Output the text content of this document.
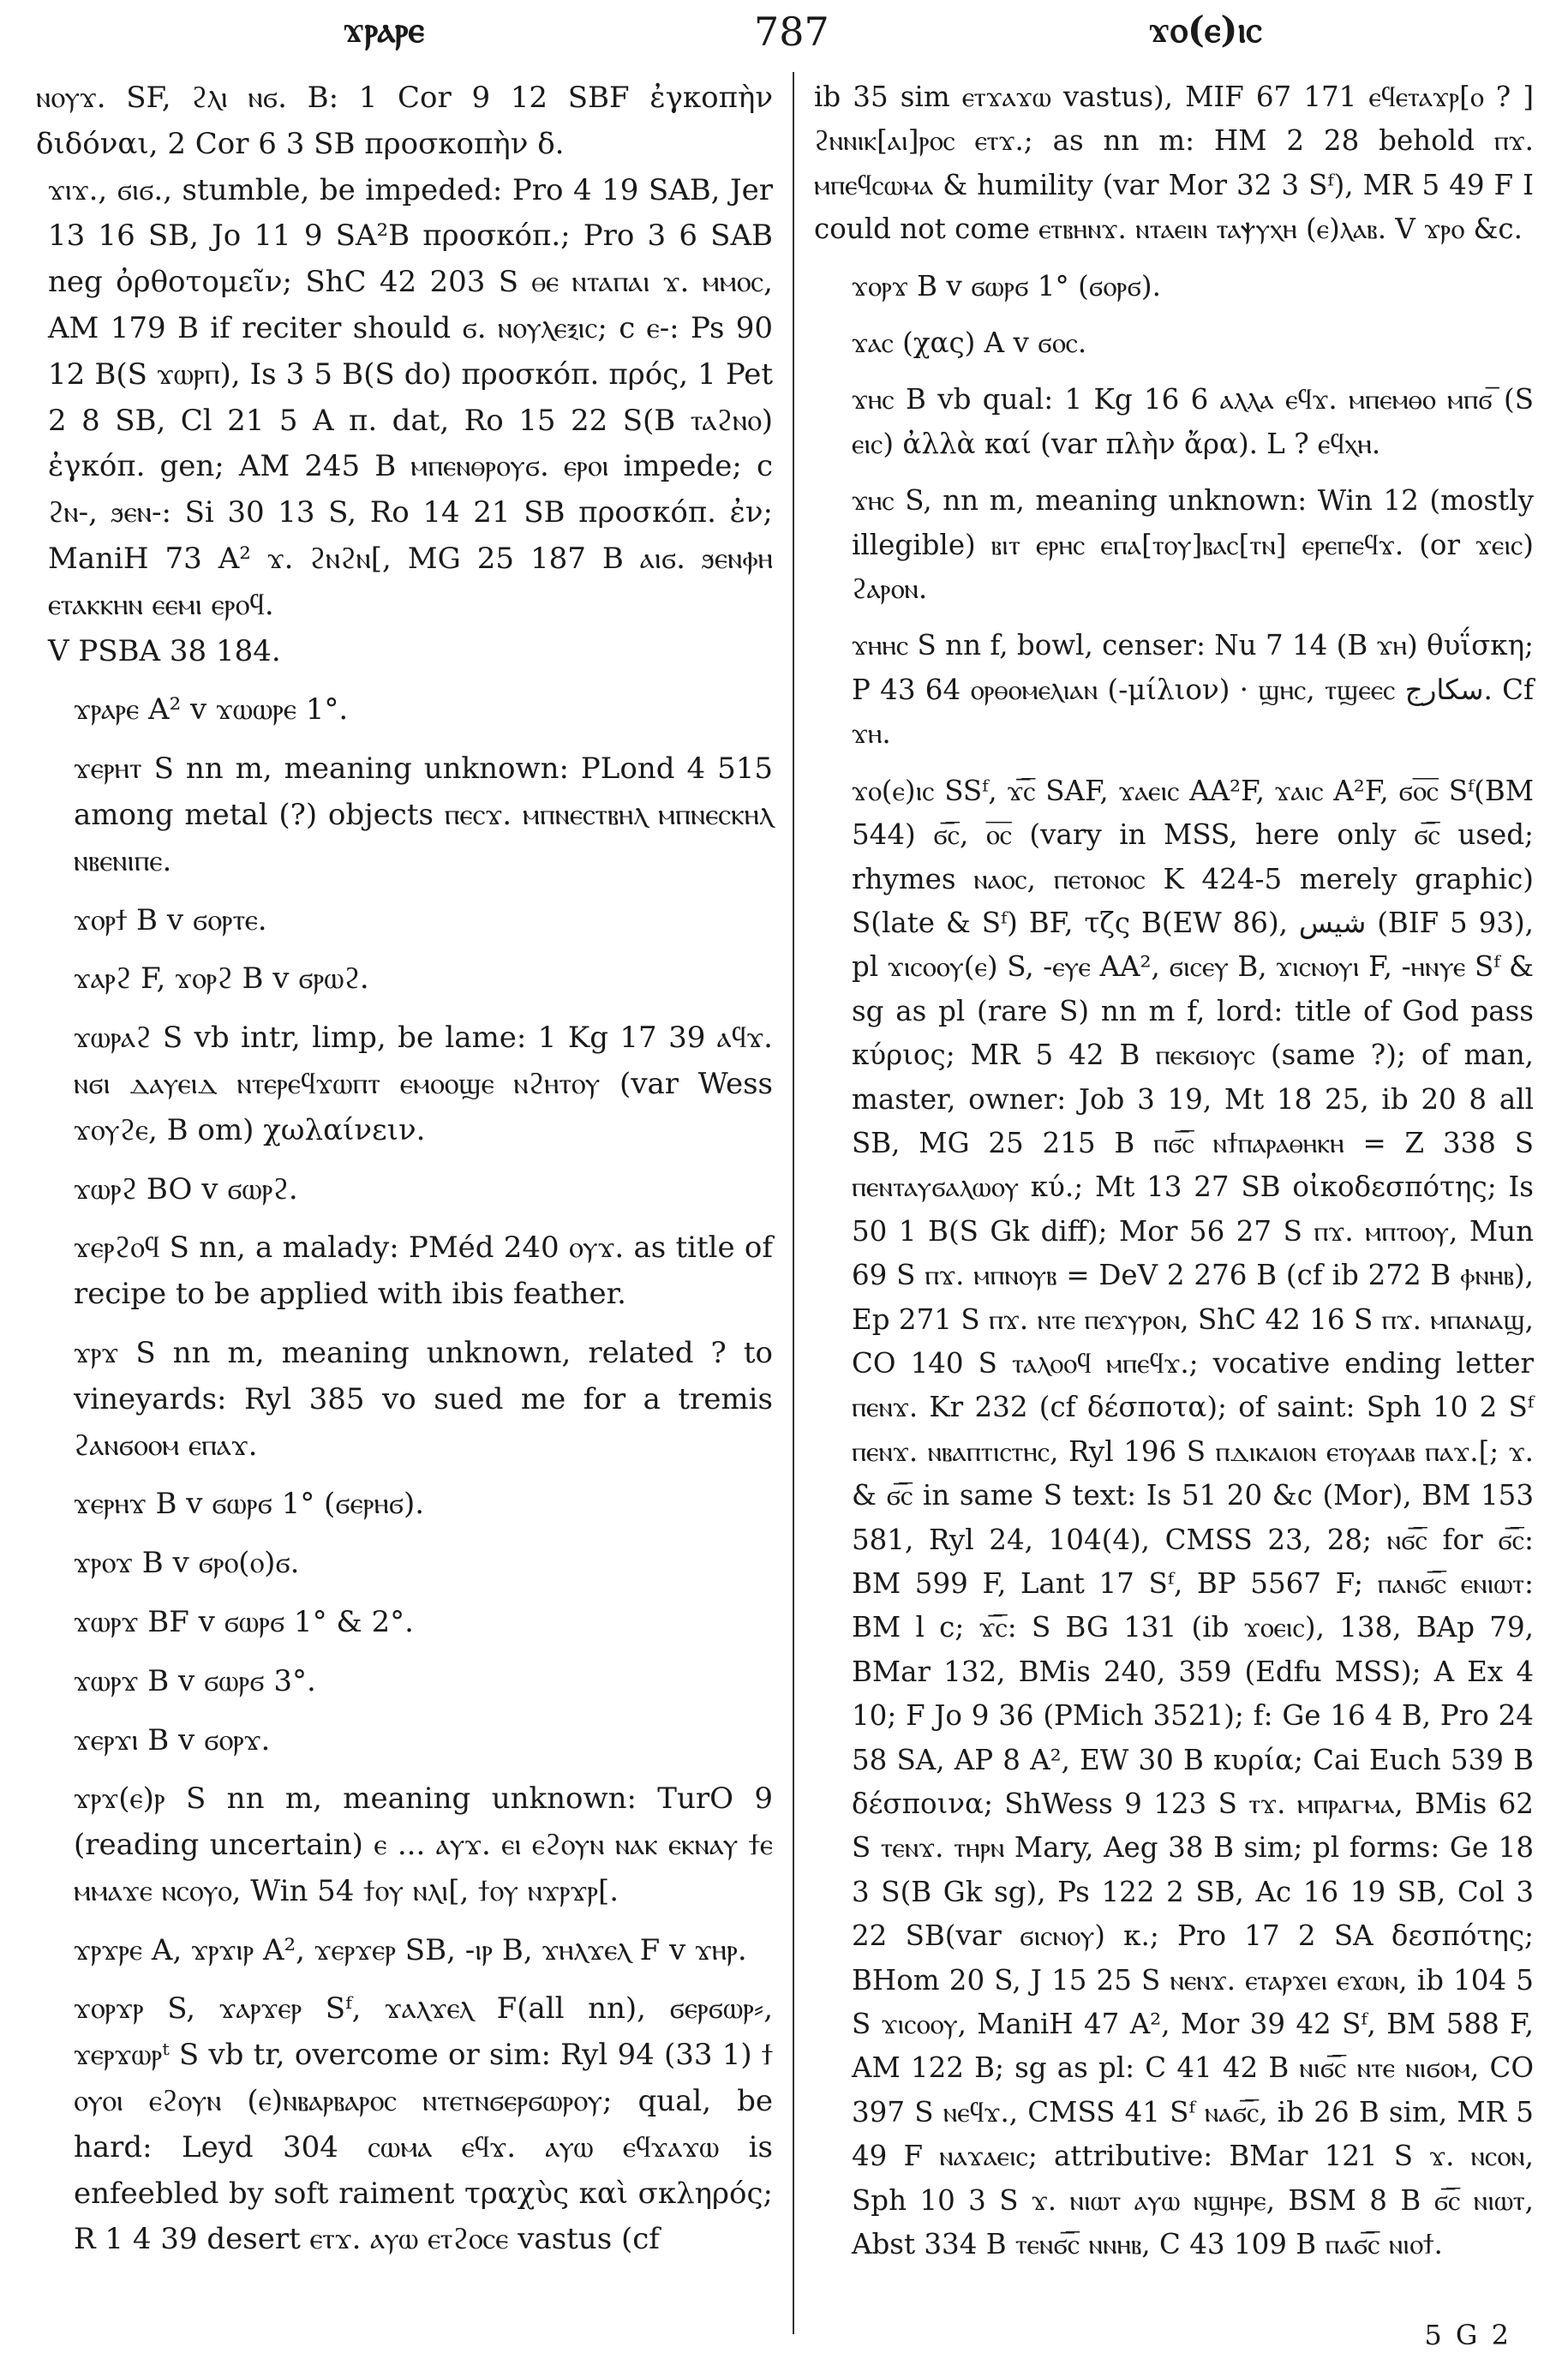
ϫⲣⲁⲣⲉ	787	ϫⲟ(ⲉ)ⲓⲥ

ⲛⲟⲩϫ. SF, ϩⲗⲓ ⲛϭ. B: 1 Cor 9 12 SBF ἐγκοπὴν διδόναι, 2 Cor 6 3 SB προσκοπὴν δ.

ϫⲓϫ., ϭⲓϭ., stumble, be impeded: Pro 4 19 SAB, Jer 13 16 SB, Jo 11 9 SA²B προσκόπ.; Pro 3 6 SAB neg ὀρθοτομεῖν; ShC 42 203 S ⲑⲉ ⲛⲧⲁⲡⲁⲓ ϫ. ⲙⲙⲟⲥ, AM 179 B if reciter should ϭ. ⲛⲟⲩⲗⲉⲝⲓⲥ; c ⲉ-: Ps 90 12 B(S ϫⲱⲣⲡ), Is 3 5 B(S do) προσκόπ. πρός, 1 Pet 2 8 SB, Cl 21 5 A π. dat, Ro 15 22 S(B ⲧⲁϩⲛⲟ) ἐγκόπ. gen; AM 245 B ⲙⲡⲉⲛⲑⲣⲟⲩϭ. ⲉⲣⲟⲓ impede; c ϩⲛ-, ϧⲉⲛ-: Si 30 13 S, Ro 14 21 SB προσκόπ. ἐν; ManiH 73 A² ϫ. ϩⲛϩⲛ[, MG 25 187 B ⲁⲓϭ. ϧⲉⲛⲫⲏ ⲉⲧⲁⲕⲕⲏⲛ ⲉⲉⲙⲓ ⲉⲣⲟϥ.

V PSBA 38 184.

ϫⲣⲁⲣⲉ A² v ϫⲱⲱⲣⲉ 1°.

ϫⲉⲣⲏⲧ S nn m, meaning unknown: PLond 4 515 among metal (?) objects ⲡⲉⲥϫ. ⲙⲡⲛⲉⲥⲧⲃⲏⲗ ⲙⲡⲛⲉⲥⲕⲏⲗ ⲛⲃⲉⲛⲓⲡⲉ.

ϫⲟⲣϯ B v ϭⲟⲣⲧⲉ.

ϫⲁⲣϩ F, ϫⲟⲣϩ B v ϭⲣⲱϩ.

ϫⲱⲣⲁϩ S vb intr, limp, be lame: 1 Kg 17 39 ⲁϥϫ. ⲛϭⲓ ⲇⲁⲩⲉⲓⲇ ⲛⲧⲉⲣⲉϥϫⲱⲡⲧ ⲉⲙⲟⲟϣⲉ ⲛϩⲏⲧⲟⲩ (var Wess ϫⲟⲩϩⲉ, B om) χωλαίνειν.

ϫⲱⲣϩ BO v ϭⲱⲣϩ.

ϫⲉⲣϩⲟϥ S nn, a malady: PMéd 240 ⲟⲩϫ. as title of recipe to be applied with ibis feather.

ϫⲣϫ S nn m, meaning unknown, related ? to vineyards: Ryl 385 vo sued me for a tremis ϩⲁⲛϭⲟⲟⲙ ⲉⲡⲁϫ.

ϫⲉⲣⲏϫ B v ϭⲱⲣϭ 1° (ϭⲉⲣⲏϭ).

ϫⲣⲟϫ B v ϭⲣⲟ(ⲟ)ϭ.

ϫⲱⲣϫ BF v ϭⲱⲣϭ 1° & 2°.

ϫⲱⲣϫ B v ϭⲱⲣϭ 3°.

ϫⲉⲣϫⲓ B v ϭⲟⲣϫ.

ϫⲣϫ(ⲉ)ⲣ S nn m, meaning unknown: TurO 9 (reading uncertain) ⲉ ... ⲁⲩϫ. ⲉⲓ ⲉϩⲟⲩⲛ ⲛⲁⲕ ⲉⲕⲛⲁⲩ ϯⲉ ⲙⲙⲁϫⲉ ⲛⲥⲟⲩⲟ, Win 54 ϯⲟⲩ ⲛⲗⲓ[, ϯⲟⲩ ⲛϫⲣϫⲣ[.

ϫⲣϫⲣⲉ A, ϫⲣϫⲓⲣ A², ϫⲉⲣϫⲉⲣ SB, -ⲓⲣ B, ϫⲏⲗϫⲉⲗ F v ϫⲏⲣ.

ϫⲟⲣϫⲣ S, ϫⲁⲣϫⲉⲣ Sᶠ, ϫⲁⲗϫⲉⲗ F(all nn), ϭⲉⲣϭⲱⲣ⸗, ϫⲉⲣϫⲱⲣᵗ S vb tr, overcome or sim: Ryl 94 (33 1) ϯ ⲟⲩⲟⲓ ⲉϩⲟⲩⲛ (ⲉ)ⲛⲃⲁⲣⲃⲁⲣⲟⲥ ⲛⲧⲉⲧⲛϭⲉⲣϭⲱⲣⲟⲩ; qual, be hard: Leyd 304 ⲥⲱⲙⲁ ⲉϥϫ. ⲁⲩⲱ ⲉϥϫⲁϫⲱ is enfeebled by soft raiment τραχὺς καὶ σκληρός; R 1 4 39 desert ⲉⲧϫ. ⲁⲩⲱ ⲉⲧϩⲟⲥⲉ vastus (cf

ib 35 sim ⲉⲧϫⲁϫⲱ vastus), MIF 67 171 ⲉϥⲉⲧⲁϫⲣ[ⲟ ? ] ϩⲛⲛⲓⲕ[ⲁⲓ]ⲣⲟⲥ ⲉⲧϫ.; as nn m: HM 2 28 behold ⲡϫ. ⲙⲡⲉϥⲥⲱⲙⲁ & humility (var Mor 32 3 Sᶠ), MR 5 49 F I could not come ⲉⲧⲃⲏⲛϫ. ⲛⲧⲁⲉⲓⲛ ⲧⲁⲯⲩⲭⲏ (ⲉ)ⲗⲁⲃ. V ϫⲣⲟ &c.

ϫⲟⲣϫ B v ϭⲱⲣϭ 1° (ϭⲟⲣϭ).

ϫⲁⲥ (χας) A v ϭⲟⲥ.

ϫⲏⲥ B vb qual: 1 Kg 16 6 ⲁⲗⲗⲁ ⲉϥϫ. ⲙⲡⲉⲙⲑⲟ ⲙⲡϭ̅ (S ⲉⲓⲥ) ἀλλὰ καί (var πλὴν ἄρα). L ? ⲉϥⲭⲏ.

ϫⲏⲥ S, nn m, meaning unknown: Win 12 (mostly illegible) ⲃⲓⲧ ⲉⲣⲏⲥ ⲉⲡⲁ[ⲧⲟⲩ]ⲃⲁⲥ[ⲧⲛ] ⲉⲣⲉⲡⲉϥϫ. (or ϫⲉⲓⲥ) ϩⲁⲣⲟⲛ.

ϫⲏⲏⲥ S nn f, bowl, censer: Nu 7 14 (B ϫⲏ) θυΐσκη; P 43 64 ⲟⲣⲑⲟⲙⲉⲗⲓⲁⲛ (-μίλιον) · ϣⲏⲥ, ⲧϣⲉⲉⲥ سكارج. Cf ϫⲏ.

ϫⲟ(ⲉ)ⲓⲥ SSᶠ, ϫ̅ⲥ̅ SAF, ϫⲁⲉⲓⲥ AA²F, ϫⲁⲓⲥ A²F, ϭⲟ̅ⲥ̅ Sᶠ(BM 544) ϭ̅ⲥ̅, ⲟ̅ⲥ̅ (vary in MSS, here only ϭ̅ⲥ̅ used; rhymes ⲛⲁⲟⲥ, ⲡⲉⲧⲟⲛⲟⲥ K 424-5 merely graphic) S(late & Sᶠ) BF, τζς B(EW 86), شيس (BIF 5 93), pl ϫⲓⲥⲟⲟⲩ(ⲉ) S, -ⲉⲩⲉ AA², ϭⲓⲥⲉⲩ B, ϫⲓⲥⲛⲟⲩⲓ F, -ⲏⲛⲩⲉ Sᶠ & sg as pl (rare S) nn m f, lord: title of God pass κύριος; MR 5 42 B ⲡⲉⲕϭⲓⲟⲩⲥ (same ?); of man, master, owner: Job 3 19, Mt 18 25, ib 20 8 all SB, MG 25 215 B ⲡϭ̅ⲥ̅ ⲛϯⲡⲁⲣⲁⲑⲏⲕⲏ = Z 338 S ⲡⲉⲛⲧⲁⲩϭⲁⲗⲱⲟⲩ κύ.; Mt 13 27 SB οἰκοδεσπότης; Is 50 1 B(S Gk diff); Mor 56 27 S ⲡϫ. ⲙⲡⲧⲟⲟⲩ, Mun 69 S ⲡϫ. ⲙⲡⲛⲟⲩⲃ = DeV 2 276 B (cf ib 272 B ⲫⲛⲏⲃ), Ep 271 S ⲡϫ. ⲛⲧⲉ ⲡⲉϫⲩⲣⲟⲛ, ShC 42 16 S ⲡϫ. ⲙⲡⲁⲛⲁϣ, CO 140 S ⲧⲁⲗⲟⲟϥ ⲙⲡⲉϥϫ.; vocative ending letter ⲡⲉⲛϫ. Kr 232 (cf δέσποτα); of saint: Sph 10 2 Sᶠ ⲡⲉⲛϫ. ⲛⲃⲁⲡⲧⲓⲥⲧⲏⲥ, Ryl 196 S ⲡⲇⲓⲕⲁⲓⲟⲛ ⲉⲧⲟⲩⲁⲁⲃ ⲡⲁϫ.[; ϫ. & ϭ̅ⲥ̅ in same S text: Is 51 20 &c (Mor), BM 153 581, Ryl 24, 104(4), CMSS 23, 28; ⲛϭ̅ⲥ̅ for ϭ̅ⲥ̅: BM 599 F, Lant 17 Sᶠ, BP 5567 F; ⲡⲁⲛϭ̅ⲥ̅ ⲉⲛⲓⲱⲧ: BM l c; ϫ̅ⲥ̅: S BG 131 (ib ϫⲟⲉⲓⲥ), 138, BAp 79, BMar 132, BMis 240, 359 (Edfu MSS); A Ex 4 10; F Jo 9 36 (PMich 3521); f: Ge 16 4 B, Pro 24 58 SA, AP 8 A², EW 30 B κυρία; Cai Euch 539 B δέσποινα; ShWess 9 123 S ⲧϫ. ⲙⲡⲣⲁⲅⲙⲁ, BMis 62 S ⲧⲉⲛϫ. ⲧⲏⲣⲛ Mary, Aeg 38 B sim; pl forms: Ge 18 3 S(B Gk sg), Ps 122 2 SB, Ac 16 19 SB, Col 3 22 SB(var ϭⲓⲥⲛⲟⲩ) κ.; Pro 17 2 SA δεσπότης; BHom 20 S, J 15 25 S ⲛⲉⲛϫ. ⲉⲧⲁⲣϫⲉⲓ ⲉϫⲱⲛ, ib 104 5 S ϫⲓⲥⲟⲟⲩ, ManiH 47 A², Mor 39 42 Sᶠ, BM 588 F, AM 122 B; sg as pl: C 41 42 B ⲛⲓϭ̅ⲥ̅ ⲛⲧⲉ ⲛⲓϭⲟⲙ, CO 397 S ⲛⲉϥϫ., CMSS 41 Sᶠ ⲛⲁϭ̅ⲥ̅, ib 26 B sim, MR 5 49 F ⲛⲁϫⲁⲉⲓⲥ; attributive: BMar 121 S ϫ. ⲛⲥⲟⲛ, Sph 10 3 S ϫ. ⲛⲓⲱⲧ ⲁⲩⲱ ⲛϣⲏⲣⲉ, BSM 8 B ϭ̅ⲥ̅ ⲛⲓⲱⲧ, Abst 334 B ⲧⲉⲛϭ̅ⲥ̅ ⲛⲛⲏⲃ, C 43 109 B ⲡⲁϭ̅ⲥ̅ ⲛⲓⲟϯ.

5 G 2
